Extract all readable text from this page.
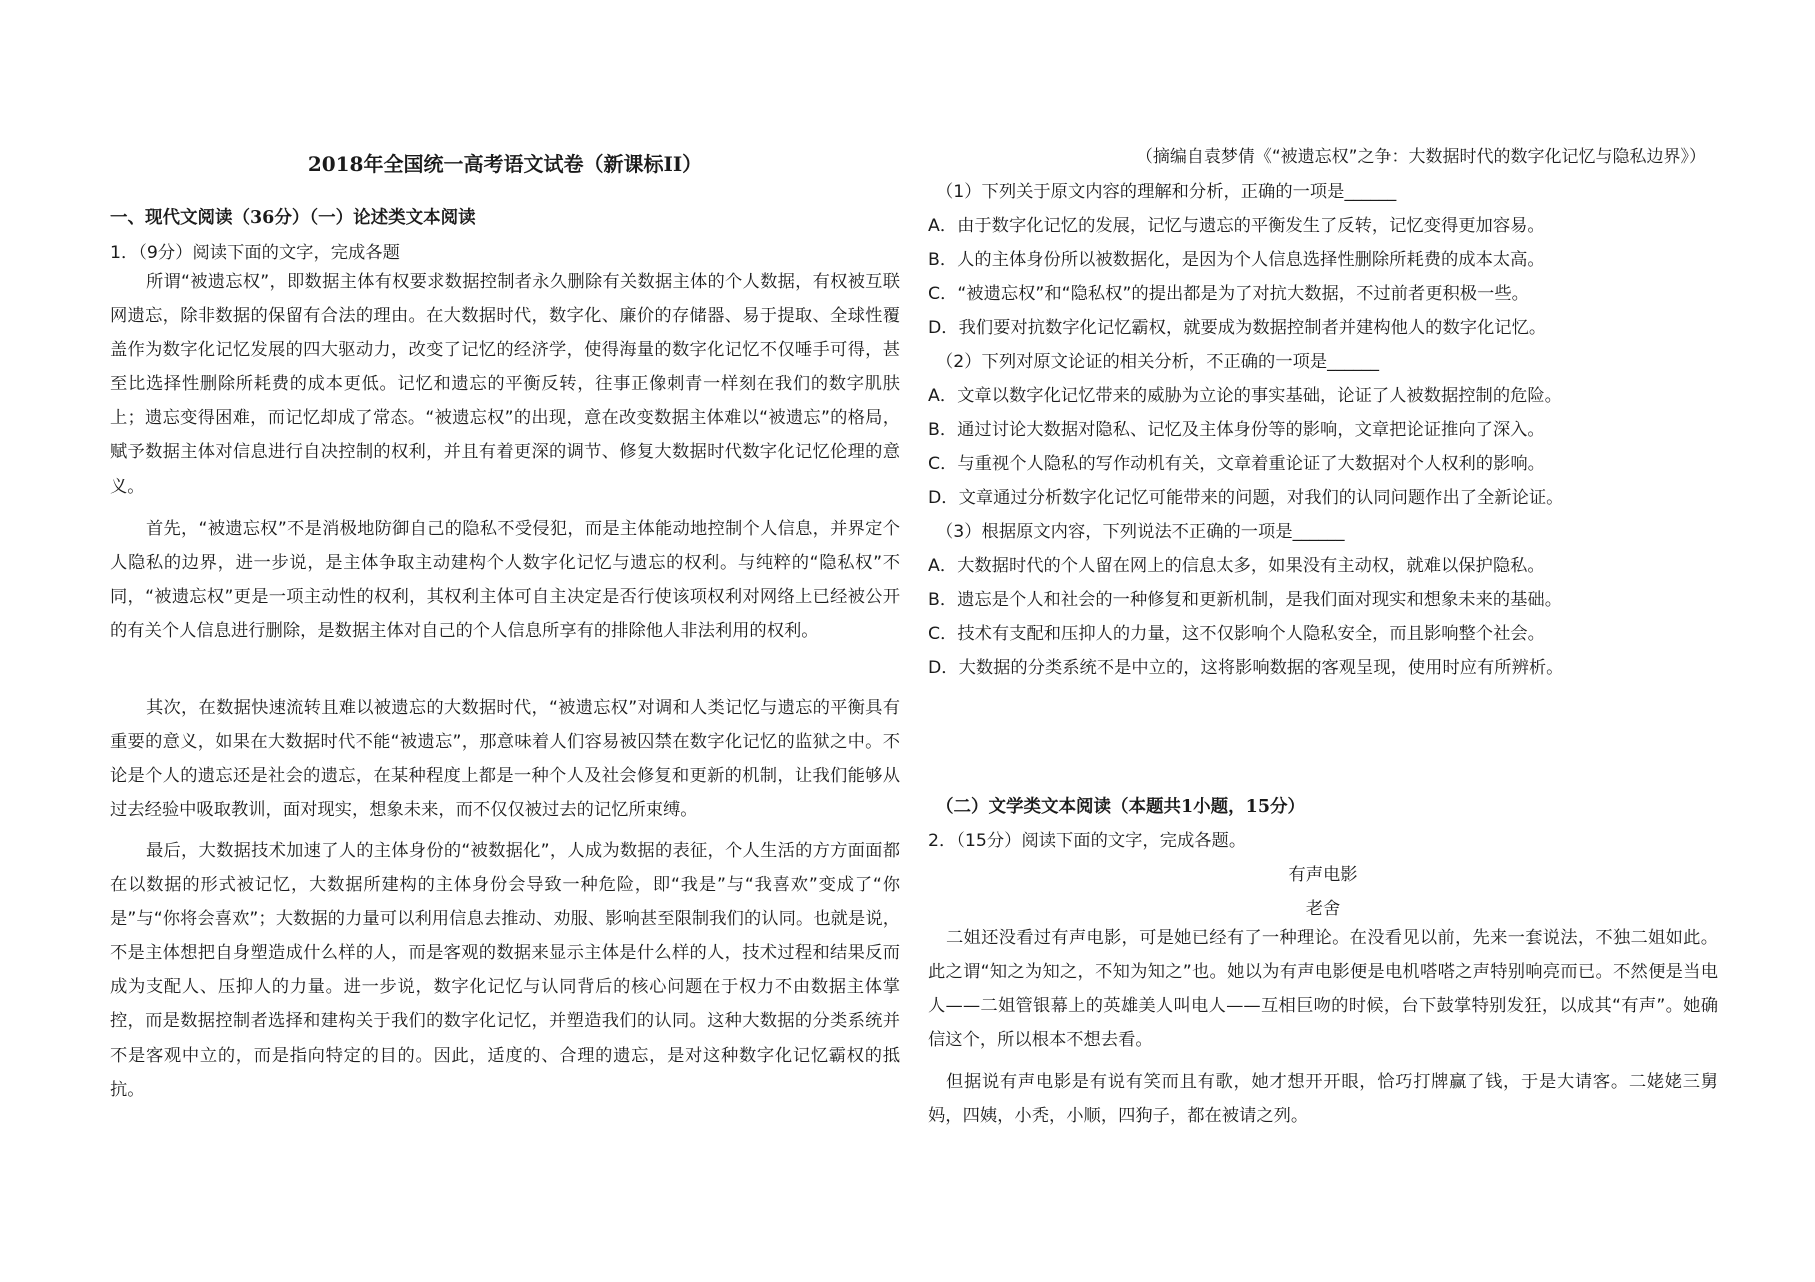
2018年全国统一高考语文试卷（新课标II）

一、现代文阅读（36分）（一）论述类文本阅读

1．（9分）阅读下面的文字，完成各题

所谓“被遗忘权”，即数据主体有权要求数据控制者永久删除有关数据主体的个人数据，有权被互联网遗忘，除非数据的保留有合法的理由。在大数据时代，数字化、廉价的存储器、易于提取、全球性覆盖作为数字化记忆发展的四大驱动力，改变了记忆的经济学，使得海量的数字化记忆不仅唾手可得，甚至比选择性删除所耗费的成本更低。记忆和遗忘的平衡反转，往事正像刺青一样刻在我们的数字肌肤上；遗忘变得困难，而记忆却成了常态。“被遗忘权”的出现，意在改变数据主体难以“被遗忘”的格局，赋予数据主体对信息进行自决控制的权利，并且有着更深的调节、修复大数据时代数字化记忆伦理的意义。

首先，“被遗忘权”不是消极地防御自己的隐私不受侵犯，而是主体能动地控制个人信息，并界定个人隐私的边界，进一步说，是主体争取主动建构个人数字化记忆与遗忘的权利。与纯粹的“隐私权”不同，“被遗忘权”更是一项主动性的权利，其权利主体可自主决定是否行使该项权利对网络上已经被公开的有关个人信息进行删除，是数据主体对自己的个人信息所享有的排除他人非法利用的权利。

其次，在数据快速流转且难以被遗忘的大数据时代，“被遗忘权”对调和人类记忆与遗忘的平衡具有重要的意义，如果在大数据时代不能“被遗忘”，那意味着人们容易被囚禁在数字化记忆的监狱之中。不论是个人的遗忘还是社会的遗忘，在某种程度上都是一种个人及社会修复和更新的机制，让我们能够从过去经验中吸取教训，面对现实，想象未来，而不仅仅被过去的记忆所束缚。

最后，大数据技术加速了人的主体身份的“被数据化”，人成为数据的表征，个人生活的方方面面都在以数据的形式被记忆，大数据所建构的主体身份会导致一种危险，即“我是”与“我喜欢”变成了“你是”与“你将会喜欢”；大数据的力量可以利用信息去推动、劝服、影响甚至限制我们的认同。也就是说，不是主体想把自身塑造成什么样的人，而是客观的数据来显示主体是什么样的人，技术过程和结果反而成为支配人、压抑人的力量。进一步说，数字化记忆与认同背后的核心问题在于权力不由数据主体掌控，而是数据控制者选择和建构关于我们的数字化记忆，并塑造我们的认同。这种大数据的分类系统并不是客观中立的，而是指向特定的目的。因此，适度的、合理的遗忘，是对这种数字化记忆霸权的抵抗。

（摘编自袁梦倩《“被遗忘权”之争：大数据时代的数字化记忆与隐私边界》）

（1）下列关于原文内容的理解和分析，正确的一项是______

A．由于数字化记忆的发展，记忆与遗忘的平衡发生了反转，记忆变得更加容易。

B．人的主体身份所以被数据化，是因为个人信息选择性删除所耗费的成本太高。

C．“被遗忘权”和“隐私权”的提出都是为了对抗大数据，不过前者更积极一些。

D．我们要对抗数字化记忆霸权，就要成为数据控制者并建构他人的数字化记忆。

（2）下列对原文论证的相关分析，不正确的一项是______

A．文章以数字化记忆带来的威胁为立论的事实基础，论证了人被数据控制的危险。

B．通过讨论大数据对隐私、记忆及主体身份等的影响，文章把论证推向了深入。

C．与重视个人隐私的写作动机有关，文章着重论证了大数据对个人权利的影响。

D．文章通过分析数字化记忆可能带来的问题，对我们的认同问题作出了全新论证。

（3）根据原文内容，下列说法不正确的一项是______

A．大数据时代的个人留在网上的信息太多，如果没有主动权，就难以保护隐私。

B．遗忘是个人和社会的一种修复和更新机制，是我们面对现实和想象未来的基础。

C．技术有支配和压抑人的力量，这不仅影响个人隐私安全，而且影响整个社会。

D．大数据的分类系统不是中立的，这将影响数据的客观呈现，使用时应有所辨析。

（二）文学类文本阅读（本题共1小题，15分）

2．（15分）阅读下面的文字，完成各题。

有声电影

老舍

二姐还没看过有声电影，可是她已经有了一种理论。在没看见以前，先来一套说法，不独二姐如此。此之谓“知之为知之，不知为知之”也。她以为有声电影便是电机嗒嗒之声特别响亮而已。不然便是当电人——二姐管银幕上的英雄美人叫电人——互相巨吻的时候，台下鼓掌特别发狂，以成其“有声”。她确信这个，所以根本不想去看。

但据说有声电影是有说有笑而且有歌，她才想开开眼，恰巧打牌赢了钱，于是大请客。二姥姥三舅妈，四姨，小秃，小顺，四狗子，都在被请之列。
